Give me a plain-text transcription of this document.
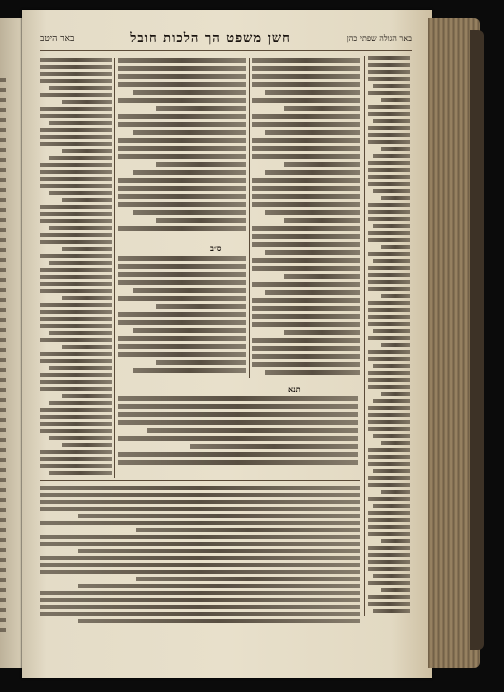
באר הגולה שפתי כהן
חשן משפט הך הלכות חובל
באר היטב
ס״ב
תנא
